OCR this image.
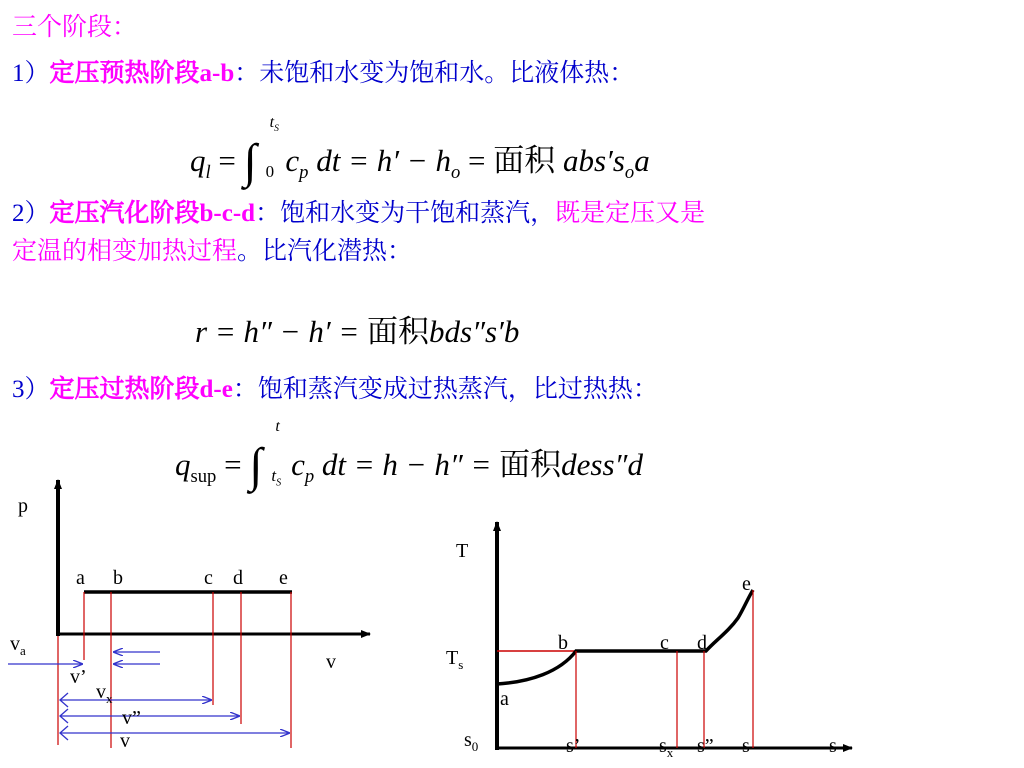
三个阶段：
1）定压预热阶段a-b：未饱和水变为饱和水。比液体热：
$q_l$ = ∫
$t_S$
0 $c_p$ dt = $h' - h_o$ = 面积 $abs's_oa$
2）定压汽化阶段b-c-d：饱和水变为干饱和蒸汽，既是定压又是
定温的相变加热过程。比汽化潜热：
r = h″ − h′ = 面积bds″s′b
3）定压过热阶段d-e：饱和蒸汽变成过热蒸汽，比过热热：
$q_{sup}$ = ∫
t
$t_S$
$c_p$ dt = h − h″ = 面积dess″d
p
v
a b	c d e
$v_a$
v’
$v_x$
v”
v
T
$T_s$
s
a
b	c d
e
$s_0$	s’	$s_x$ s” s
